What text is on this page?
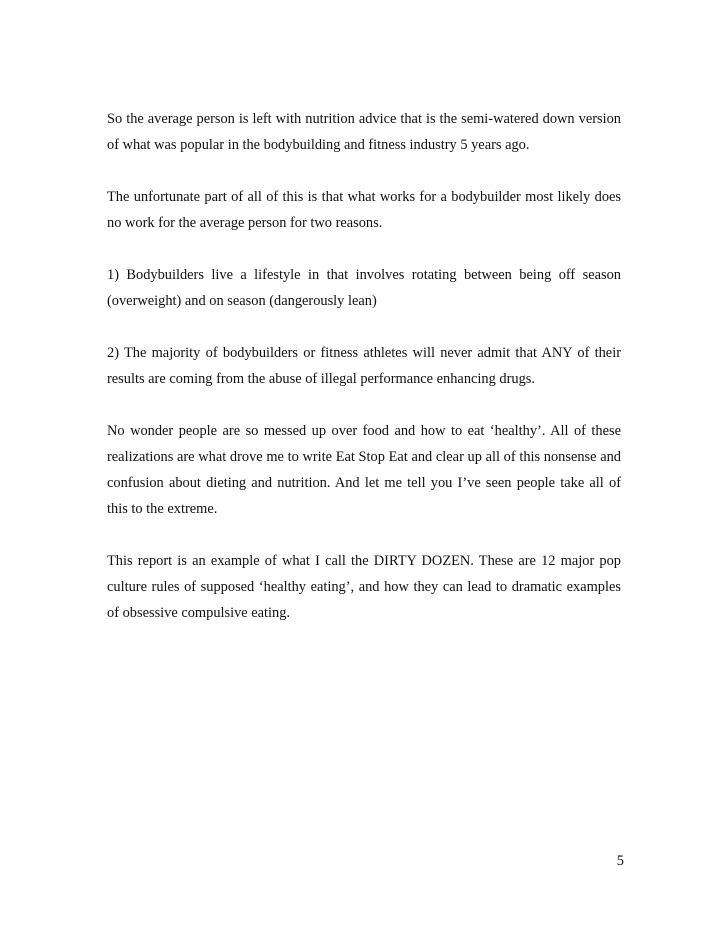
So the average person is left with nutrition advice that is the semi-watered down version of what was popular in the bodybuilding and fitness industry 5 years ago.

The unfortunate part of all of this is that what works for a bodybuilder most likely does no work for the average person for two reasons.

1) Bodybuilders live a lifestyle in that involves rotating between being off season (overweight) and on season (dangerously lean)

2) The majority of bodybuilders or fitness athletes will never admit that ANY of their results are coming from the abuse of illegal performance enhancing drugs.

No wonder people are so messed up over food and how to eat ‘healthy’. All of these realizations are what drove me to write Eat Stop Eat and clear up all of this nonsense and confusion about dieting and nutrition. And let me tell you I’ve seen people take all of this to the extreme.

This report is an example of what I call the DIRTY DOZEN. These are 12 major pop culture rules of supposed ‘healthy eating’, and how they can lead to dramatic examples of obsessive compulsive eating.

5
